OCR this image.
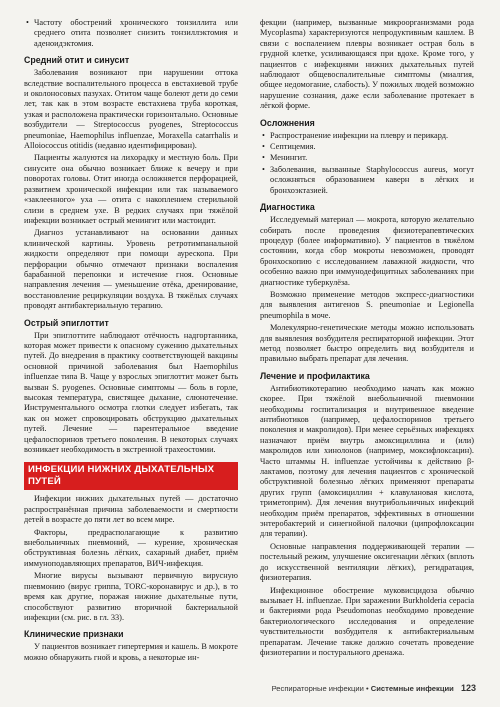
• Частоту обострений хронического тонзиллита или среднего отита позволяет снизить тонзиллэктомия и аденоидэктомия.
Средний отит и синусит

Заболевания возникают при нарушении оттока вследствие воспалительного процесса в евстахиевой трубе и околоносовых пазухах. Отитом чаще болеют дети до семи лет, так как в этом возрасте евстахиева труба короткая, узкая и расположена практически горизонтально. Основные возбудители — Streptococcus pyogenes, Streptococcus pneumoniae, Haemophilus influenzae, Moraxella catarrhalis и Alloiococcus otitidis (недавно идентифицирован).

Пациенты жалуются на лихорадку и местную боль. При синусите она обычно возникает ближе к вечеру и при поворотах головы. Отит иногда осложняется перфорацией, развитием хронической инфекции или так называемого «заклеенного» уха — отита с накоплением стерильной слизи в среднем ухе. В редких случаях при тяжёлой инфекции возникает острый менингит или мастоидит.

Диагноз устанавливают на основании данных клинической картины. Уровень ретротимпанальной жидкости определяют при помощи аурескопа. При перфорации обычно отмечают признаки воспаления барабанной перепонки и истечение гноя. Основные направления лечения — уменьшение отёка, дренирование, восстановление рециркуляции воздуха. В тяжёлых случаях проводят антибактериальную терапию.

Острый эпиглоттит

При эпиглоттите наблюдают отёчность надгортанника, которая может привести к опасному сужению дыхательных путей. До внедрения в практику соответствующей вакцины основной причиной заболевания был Haemophilus influenzae типа B. Чаще у взрослых эпиглоттит может быть вызван S. pyogenes. Основные симптомы — боль в горле, высокая температура, свистящее дыхание, слюнотечение. Инструментального осмотра глотки следует избегать, так как он может спровоцировать обструкцию дыхательных путей. Лечение — парентеральное введение цефалоспоринов третьего поколения. В некоторых случаях возникает необходимость в экстренной трахеостомии.

ИНФЕКЦИИ НИЖНИХ ДЫХАТЕЛЬНЫХ ПУТЕЙ

Инфекции нижних дыхательных путей — достаточно распространённая причина заболеваемости и смертности детей в возрасте до пяти лет во всем мире.

Факторы, предрасполагающие к развитию внебольничных пневмоний, — курение, хроническая обструктивная болезнь лёгких, сахарный диабет, приём иммуноподавляющих препаратов, ВИЧ-инфекция.

Многие вирусы вызывают первичную вирусную пневмонию (вирус гриппа, TORC-коронавирус и др.), в то время как другие, поражая нижние дыхательные пути, способствуют развитию вторичной бактериальной инфекции (см. рис. в гл. 33).

Клинические признаки

У пациентов возникает гипертермия и кашель. В мокроте можно обнаружить гной и кровь, а некоторые ин-

фекции (например, вызванные микроорганизмами рода Mycoplasma) характеризуются непродуктивным кашлем. В связи с воспалением плевры возникает острая боль в грудной клетке, усиливающаяся при вдохе. Кроме того, у пациентов с инфекциями нижних дыхательных путей наблюдают общевоспалительные симптомы (миалгия, общее недомогание, слабость). У пожилых людей возможно нарушение сознания, даже если заболевание протекает в лёгкой форме.

Осложнения
• Распространение инфекции на плевру и перикард.
• Септицемия.
• Менингит.
• Заболевания, вызванные Staphylococcus aureus, могут осложняться образованием каверн в лёгких и бронхоэктазией.
Диагностика

Исследуемый материал — мокрота, которую желательно собирать после проведения физиотерапевтических процедур (более информативно). У пациентов в тяжёлом состоянии, когда сбор мокроты невозможен, проводят бронхоскопию с исследованием лаважной жидкости, что особенно важно при иммунодефицитных заболеваниях при диагностике туберкулёза.

Возможно применение методов экспресс-диагностики для выявления антигенов S. pneumoniae и Legionella pneumophila в моче.

Молекулярно-генетические методы можно использовать для выявления возбудителя респираторной инфекции. Этот метод позволяет быстро определить вид возбудителя и правильно выбрать препарат для лечения.

Лечение и профилактика

Антибиотикотерапию необходимо начать как можно скорее. При тяжёлой внебольничной пневмонии необходимы госпитализация и внутривенное введение антибиотиков (например, цефалоспоринов третьего поколения и макролидов). При менее серьёзных инфекциях назначают приём внутрь амоксициллина и (или) макролидов или хинолонов (например, моксифлоксацин). Часто штаммы H. influenzae устойчивы к действию β-лактамов, поэтому для лечения пациентов с хронической обструктивной болезнью лёгких применяют препараты других групп (амоксициллин + клавулановая кислота, триметоприм). Для лечения внутрибольничных инфекций необходим приём препаратов, эффективных в отношении энтеробактерий и синегнойной палочки (ципрофлоксацин для терапии).

Основные направления поддерживающей терапии — постельный режим, улучшение оксигенации лёгких (вплоть до искусственной вентиляции лёгких), регидратация, физиотерапия.

Инфекционное обострение муковисцидоза обычно вызывает H. influenzae. При заражении Burkholderia cepacia и бактериями рода Pseudomonas необходимо проведение бактериологического исследования и определение чувствительности возбудителя к антибактериальным препаратам. Лечение также должно сочетать проведение физиотерапии и постурального дренажа.

Респираторные инфекции • Системные инфекции 123
